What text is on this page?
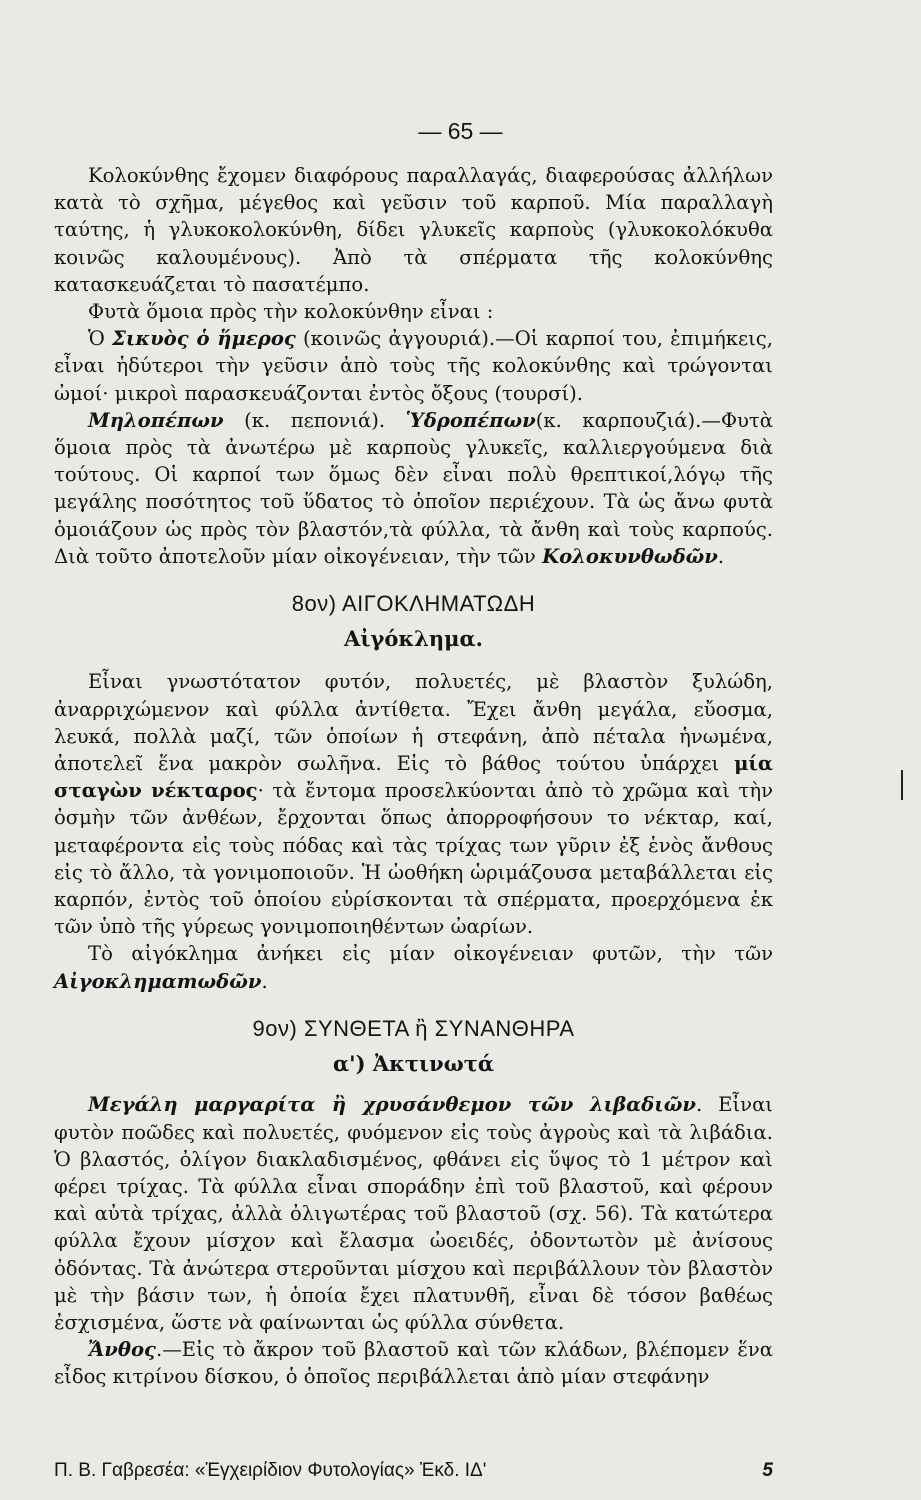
— 65 —

Κολοκύνθης ἔχομεν διαφόρους παραλλαγάς, διαφερούσας ἀλλήλων κατὰ τὸ σχῆμα, μέγεθος καὶ γεῦσιν τοῦ καρποῦ. Μία παραλλαγὴ ταύτης, ἡ γλυκοκολοκύνθη, δίδει γλυκεῖς καρποὺς (γλυκοκολόκυθα κοινῶς καλουμένους). Ἀπὸ τὰ σπέρματα τῆς κολοκύνθης κατασκευάζεται τὸ πασατέμπο.

Φυτὰ ὅμοια πρὸς τὴν κολοκύνθην εἶναι :

Ὁ Σικυὸς ὁ ἥμερος (κοινῶς ἀγγουριά).—Οἱ καρποί του, ἐπιμήκεις, εἶναι ἡδύτεροι τὴν γεῦσιν ἀπὸ τοὺς τῆς κολοκύνθης καὶ τρώγονται ὠμοί· μικροὶ παρασκευάζονται ἐντὸς ὄξους (τουρσί).

Μηλοπέπων (κ. πεπονιά). Ὑδροπέπων(κ. καρπουζιά).—Φυτὰ ὅμοια πρὸς τὰ ἀνωτέρω μὲ καρποὺς γλυκεῖς, καλλιεργούμενα διὰ τούτους. Οἱ καρποί των ὅμως δὲν εἶναι πολὺ θρεπτικοί,λόγῳ τῆς μεγάλης ποσότητος τοῦ ὕδατος τὸ ὁποῖον περιέχουν. Τὰ ὡς ἄνω φυτὰ ὁμοιάζουν ὡς πρὸς τὸν βλαστόν,τὰ φύλλα, τὰ ἄνθη καὶ τοὺς καρπούς. Διὰ τοῦτο ἀποτελοῦν μίαν οἰκογένειαν, τὴν τῶν Κολοκυνθωδῶν.

8ον) ΑΙΓΟΚΛΗΜΑΤΩΔΗ

Αἰγόκλημα.

Εἶναι γνωστότατον φυτόν, πολυετές, μὲ βλαστὸν ξυλώδη, ἀναρριχώμενον καὶ φύλλα ἀντίθετα. Ἔχει ἄνθη μεγάλα, εὔοσμα, λευκά, πολλὰ μαζί, τῶν ὁποίων ἡ στεφάνη, ἀπὸ πέταλα ἡνωμένα, ἀποτελεῖ ἕνα μακρὸν σωλῆνα. Εἰς τὸ βάθος τούτου ὑπάρχει μία σταγὼν νέκταρος· τὰ ἔντομα προσελκύονται ἀπὸ τὸ χρῶμα καὶ τὴν ὀσμὴν τῶν ἀνθέων, ἔρχονται ὅπως ἀπορροφήσουν το νέκταρ, καί, μεταφέροντα εἰς τοὺς πόδας καὶ τὰς τρίχας των γῦριν ἐξ ἑνὸς ἄνθους εἰς τὸ ἄλλο, τὰ γονιμοποιοῦν. Ἡ ὠοθήκη ὡριμάζουσα μεταβάλλεται εἰς καρπόν, ἐντὸς τοῦ ὁποίου εὑρίσκονται τὰ σπέρματα, προερχόμενα ἐκ τῶν ὑπὸ τῆς γύρεως γονιμοποιηθέντων ὠαρίων.

Τὸ αἰγόκλημα ἀνήκει εἰς μίαν οἰκογένειαν φυτῶν, τὴν τῶν Αἰγοκλημαтωδῶν.

9ον) ΣΥΝΘΕΤΑ ἢ ΣΥΝΑΝΘΗΡΑ

α') Ἀκτινωτά

Μεγάλη μαργαρίτα ἢ χρυσάνθεμον τῶν λιβαδιῶν. Εἶναι φυτὸν ποῶδες καὶ πολυετές, φυόμενον εἰς τοὺς ἀγροὺς καὶ τὰ λιβάδια. Ὁ βλαστός, ὀλίγον διακλαδισμένος, φθάνει εἰς ὕψος τὸ 1 μέτρον καὶ φέρει τρίχας. Τὰ φύλλα εἶναι σποράδην ἐπὶ τοῦ βλαστοῦ, καὶ φέρουν καὶ αὐτὰ τρίχας, ἀλλὰ ὀλιγωτέρας τοῦ βλαστοῦ (σχ. 56). Τὰ κατώτερα φύλλα ἔχουν μίσχον καὶ ἔλασμα ὠοειδές, ὀδοντωτὸν μὲ ἀνίσους ὀδόντας. Τὰ ἀνώτερα στεροῦνται μίσχου καὶ περιβάλλουν τὸν βλαστὸν μὲ τὴν βάσιν των, ἡ ὁποία ἔχει πλατυνθῆ, εἶναι δὲ τόσον βαθέως ἐσχισμένα, ὥστε νὰ φαίνωνται ὡς φύλλα σύνθετα.

Ἄνθος.—Εἰς τὸ ἄκρον τοῦ βλαστοῦ καὶ τῶν κλάδων, βλέπομεν ἕνα εἶδος κιτρίνου δίσκου, ὁ ὁποῖος περιβάλλεται ἀπὸ μίαν στεφάνην

Π. Β. Γαβρεσέα: «Ἐγχειρίδιον Φυτολογίας» Ἐκδ. ΙΔ'	5
